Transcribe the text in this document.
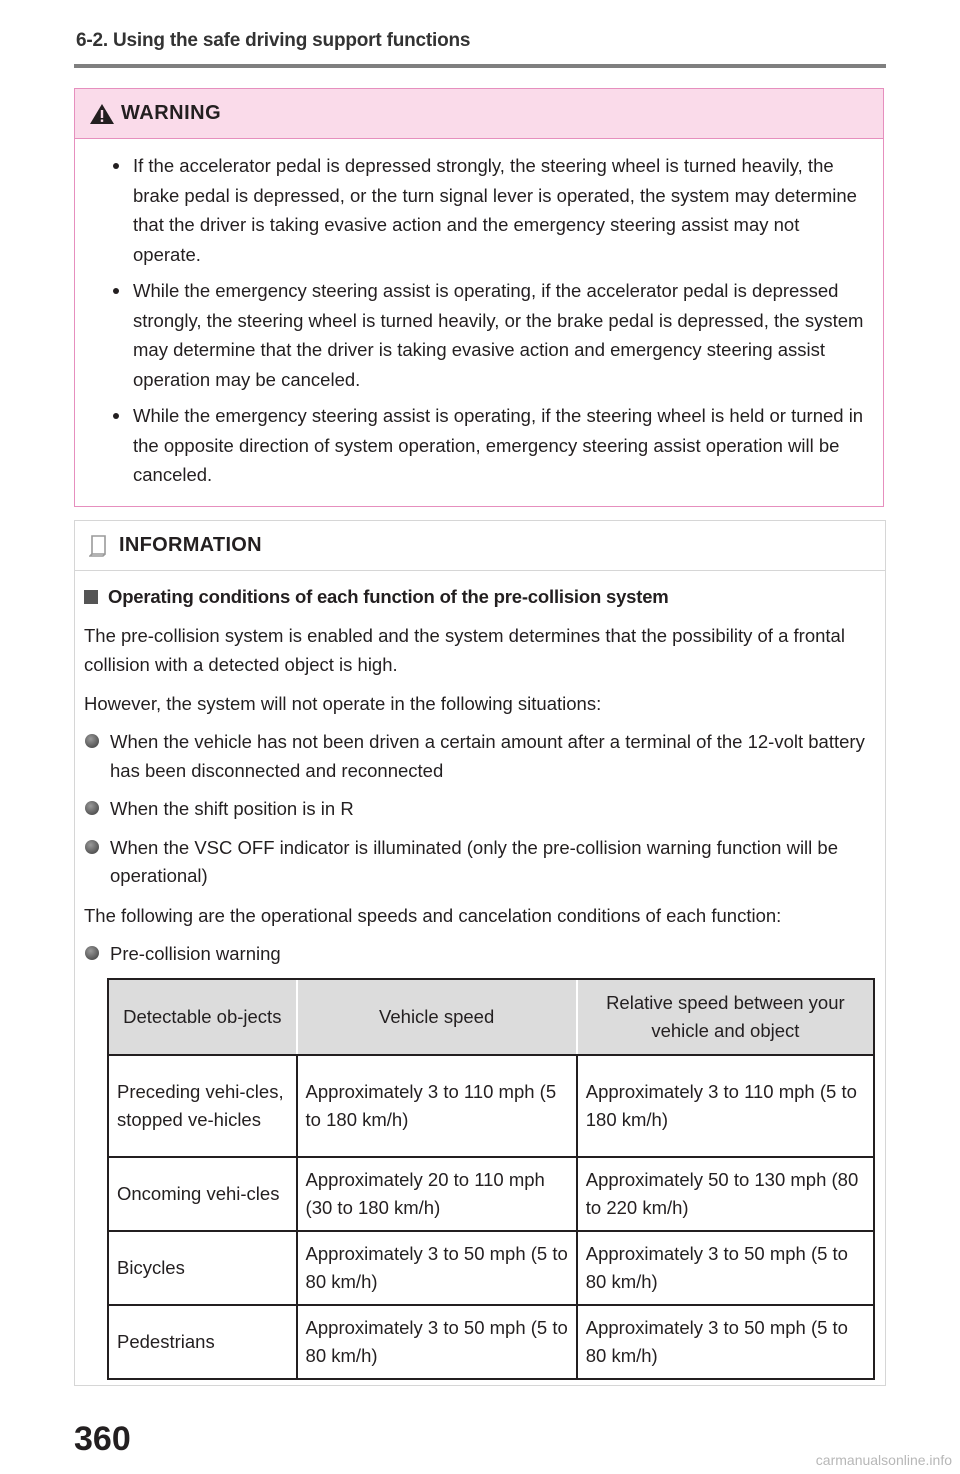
6-2. Using the safe driving support functions
WARNING
If the accelerator pedal is depressed strongly, the steering wheel is turned heavily, the brake pedal is depressed, or the turn signal lever is operated, the system may determine that the driver is taking evasive action and the emergency steering assist may not operate.
While the emergency steering assist is operating, if the accelerator pedal is depressed strongly, the steering wheel is turned heavily, or the brake pedal is depressed, the system may determine that the driver is taking evasive action and emergency steering assist operation may be canceled.
While the emergency steering assist is operating, if the steering wheel is held or turned in the opposite direction of system operation, emergency steering assist operation will be canceled.
INFORMATION
Operating conditions of each function of the pre-collision system
The pre-collision system is enabled and the system determines that the possibility of a frontal collision with a detected object is high.
However, the system will not operate in the following situations:
When the vehicle has not been driven a certain amount after a terminal of the 12-volt battery has been disconnected and reconnected
When the shift position is in R
When the VSC OFF indicator is illuminated (only the pre-collision warning function will be operational)
The following are the operational speeds and cancelation conditions of each function:
Pre-collision warning
Detectable ob-jects	Vehicle speed	Relative speed between your vehicle and object
Preceding vehi-cles, stopped ve-hicles	Approximately 3 to 110 mph (5 to 180 km/h)	Approximately 3 to 110 mph (5 to 180 km/h)
Oncoming vehi-cles	Approximately 20 to 110 mph (30 to 180 km/h)	Approximately 50 to 130 mph (80 to 220 km/h)
Bicycles	Approximately 3 to 50 mph (5 to 80 km/h)	Approximately 3 to 50 mph (5 to 80 km/h)
Pedestrians	Approximately 3 to 50 mph (5 to 80 km/h)	Approximately 3 to 50 mph (5 to 80 km/h)
360
carmanualsonline.info
